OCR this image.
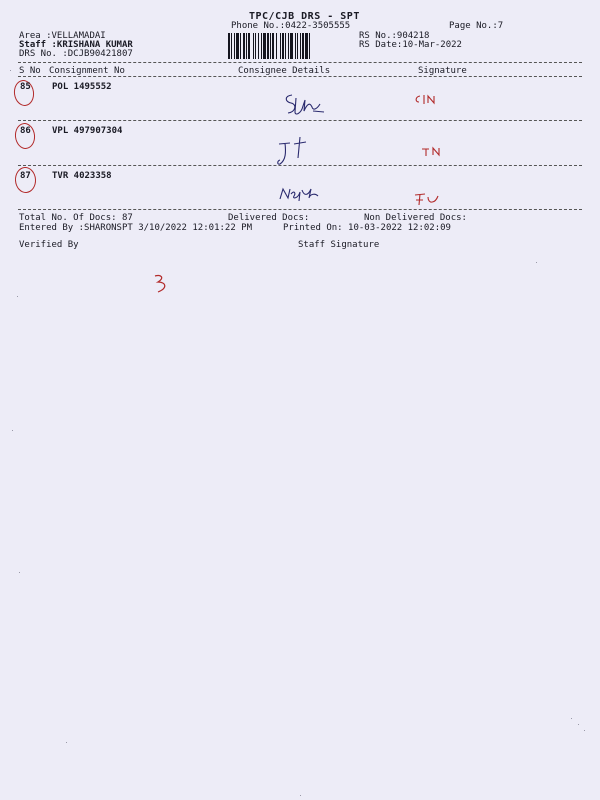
TPC/CJB DRS - SPT
Phone No.:0422-3505555	Page No.:7
Area :VELLAMADAI
Staff :KRISHANA KUMAR
DRS No. :DCJB90421807
RS No.:904218
RS Date:10-Mar-2022
S No Consignment No	Consignee Details	Signature
85 POL 1495552
86 VPL 497907304
87 TVR 4023358
Total No. Of Docs: 87	Delivered Docs:	Non Delivered Docs:
Entered By :SHARONSPT 3/10/2022 12:01:22 PM	Printed On: 10-03-2022 12:02:09
Verified By	Staff Signature
